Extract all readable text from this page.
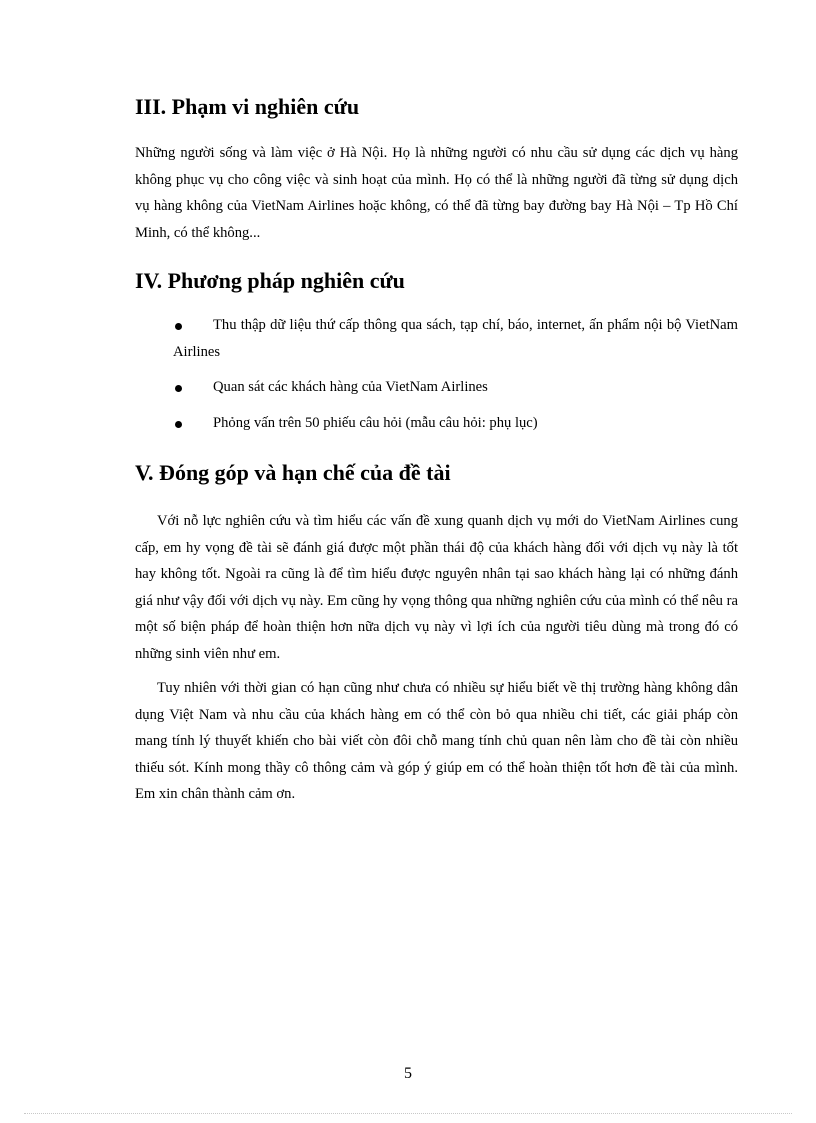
III. Phạm vi nghiên cứu

Những người sống và làm việc ở Hà Nội. Họ là những người có nhu cầu sử dụng các dịch vụ hàng không phục vụ cho công việc và sinh hoạt của mình. Họ có thể là những người đã từng sử dụng dịch vụ hàng không của VietNam Airlines hoặc không, có thể đã từng bay đường bay Hà Nội – Tp Hồ Chí Minh, có thể không...

IV. Phương pháp nghiên cứu
Thu thập dữ liệu thứ cấp thông qua sách, tạp chí, báo, internet, ấn phẩm nội bộ VietNam Airlines
Quan sát các khách hàng của VietNam Airlines
Phỏng vấn trên 50 phiếu câu hỏi (mẫu câu hỏi: phụ lục)
V. Đóng góp và hạn chế của đề tài

Với nỗ lực nghiên cứu và tìm hiểu các vấn đề xung quanh dịch vụ mới do VietNam Airlines cung cấp, em hy vọng đề tài sẽ đánh giá được một phần thái độ của khách hàng đối với dịch vụ này là tốt hay không tốt. Ngoài ra cũng là để tìm hiểu được nguyên nhân tại sao khách hàng lại có những đánh giá như vậy đối với dịch vụ này. Em cũng hy vọng thông qua những nghiên cứu của mình có thể nêu ra một số biện pháp để hoàn thiện hơn nữa dịch vụ này vì lợi ích của người tiêu dùng mà trong đó có những sinh viên như em.

Tuy nhiên với thời gian có hạn cũng như chưa có nhiều sự hiểu biết về thị trường hàng không dân dụng Việt Nam và nhu cầu của khách hàng em có thể còn bỏ qua nhiều chi tiết, các giải pháp còn mang tính lý thuyết khiến cho bài viết còn đôi chỗ mang tính chủ quan nên làm cho đề tài còn nhiều thiếu sót. Kính mong thầy cô thông cảm và góp ý giúp em có thể hoàn thiện tốt hơn đề tài của mình. Em xin chân thành cảm ơn.

5
